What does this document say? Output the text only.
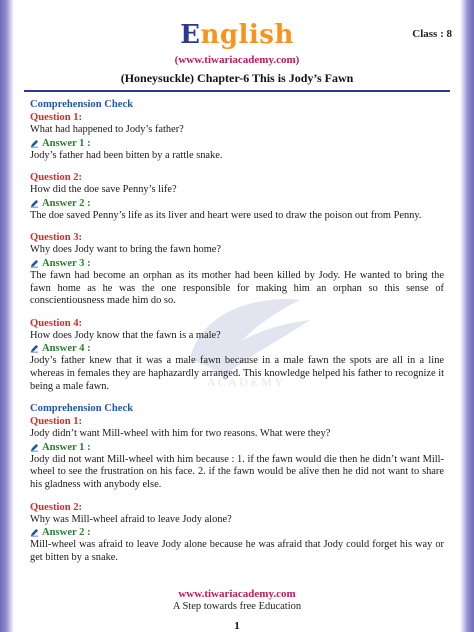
English	Class : 8
(www.tiwariacademy.com)
(Honeysuckle) Chapter-6 This is Jody’s Fawn
A C A D E M Y

Comprehension Check

Question 1:

What had happened to Jody’s father?

Answer 1 :

Jody’s father had been bitten by a rattle snake.

Question 2:

How did the doe save Penny’s life?

Answer 2 :

The doe saved Penny’s life as its liver and heart were used to draw the poison out from Penny.

Question 3:

Why does Jody want to bring the fawn home?

Answer 3 :

The fawn had become an orphan as its mother had been killed by Jody. He wanted to bring the fawn home as he was the one responsible for making him an orphan so this sense of conscientiousness made him do so.

Question 4:

How does Jody know that the fawn is a male?

Answer 4 :

Jody’s father knew that it was a male fawn because in a male fawn the spots are all in a line whereas in females they are haphazardly arranged. This knowledge helped his father to recognize it being a male fawn.

Comprehension Check

Question 1:

Jody didn’t want Mill-wheel with him for two reasons. What were they?

Answer 1 :

Jody did not want Mill-wheel with him because : 1. if the fawn would die then he didn’t want Mill-wheel to see the frustration on his face. 2. if the fawn would be alive then he did not want to share his gladness with anybody else.

Question 2:

Why was Mill-wheel afraid to leave Jody alone?

Answer 2 :

Mill-wheel was afraid to leave Jody alone because he was afraid that Jody could forget his way or get bitten by a snake.

www.tiwariacademy.com
A Step towards free Education
1
